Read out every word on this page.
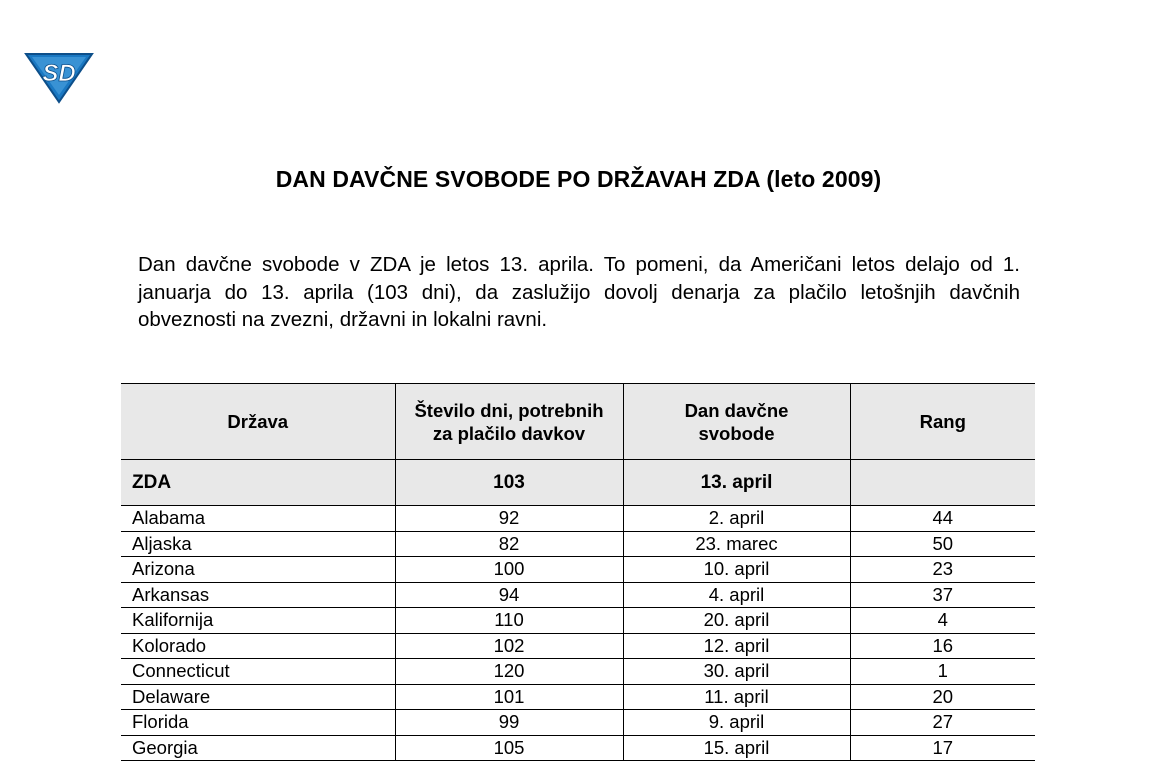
SD
DAN DAVČNE SVOBODE PO DRŽAVAH ZDA (leto 2009)

Dan davčne svobode v ZDA je letos 13. aprila. To pomeni, da Američani letos delajo od 1. januarja do 13. aprila (103 dni), da zaslužijo dovolj denarja za plačilo letošnjih davčnih obveznosti na zvezni, državni in lokalni ravni.

Država	Število dni, potrebnih za plačilo davkov	Dan davčne svobode	Rang
ZDA	103	13. april	
Alabama	92	2. april	44
Aljaska	82	23. marec	50
Arizona	100	10. april	23
Arkansas	94	4. april	37
Kalifornija	110	20. april	4
Kolorado	102	12. april	16
Connecticut	120	30. april	1
Delaware	101	11. april	20
Florida	99	9. april	27
Georgia	105	15. april	17
